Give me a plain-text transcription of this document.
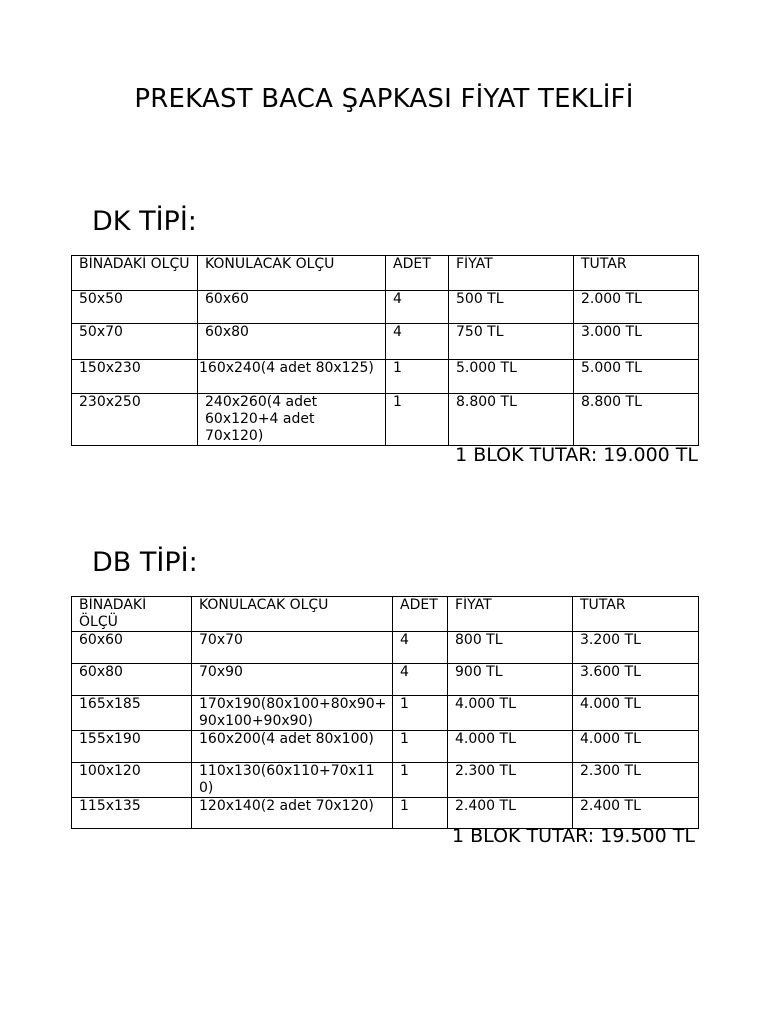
PREKAST BACA ŞAPKASI FİYAT TEKLİFİ
DK TİPİ:
BİNADAKİ ÖLÇÜ	KONULACAK ÖLÇÜ	ADET	FİYAT	TUTAR
50x50	60x60	4	500 TL	2.000 TL
50x70	60x80	4	750 TL	3.000 TL
150x230	160x240(4 adet 80x125)	1	5.000 TL	5.000 TL
230x250	240x260(4 adet 60x120+4 adet 70x120)	1	8.800 TL	8.800 TL
1 BLOK TUTAR: 19.000 TL
DB TİPİ:
BİNADAKİ ÖLÇÜ	KONULACAK ÖLÇÜ	ADET	FİYAT	TUTAR
60x60	70x70	4	800 TL	3.200 TL
60x80	70x90	4	900 TL	3.600 TL
165x185	170x190(80x100+80x90+90x100+90x90)	1	4.000 TL	4.000 TL
155x190	160x200(4 adet 80x100)	1	4.000 TL	4.000 TL
100x120	110x130(60x110+70x110)	1	2.300 TL	2.300 TL
115x135	120x140(2 adet 70x120)	1	2.400 TL	2.400 TL
1 BLOK TUTAR: 19.500 TL
